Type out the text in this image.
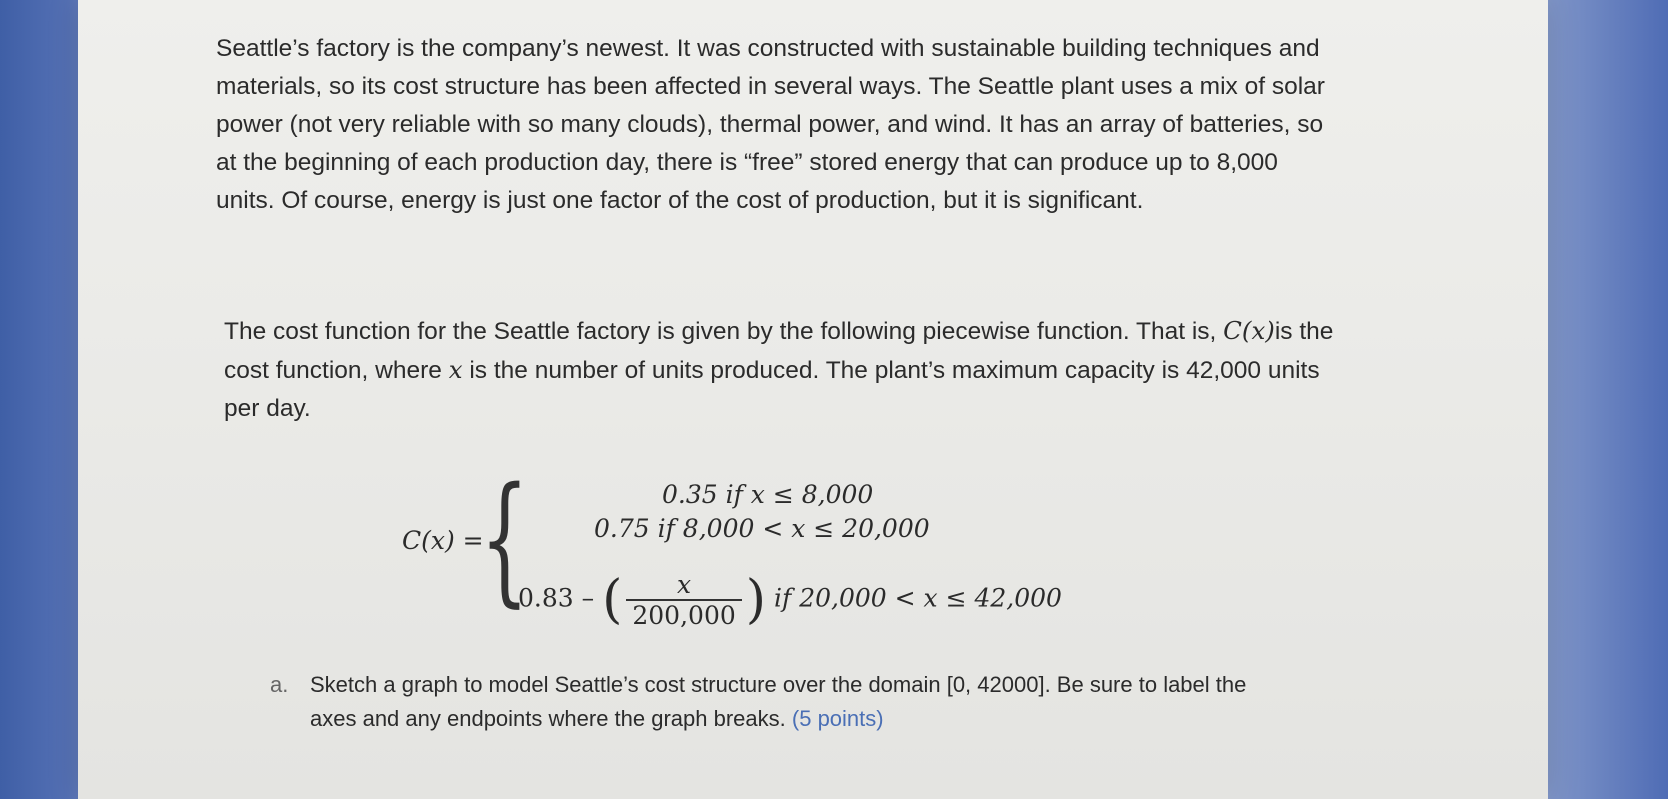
Seattle’s factory is the company’s newest. It was constructed with sustainable building techniques and
materials, so its cost structure has been affected in several ways. The Seattle plant uses a mix of solar
power (not very reliable with so many clouds), thermal power, and wind. It has an array of batteries, so
at the beginning of each production day, there is “free” stored energy that can produce up to 8,000
units. Of course, energy is just one factor of the cost of production, but it is significant.
The cost function for the Seattle factory is given by the following piecewise function. That is, C(x)is the
cost function, where x is the number of units produced. The plant’s maximum capacity is 42,000 units
per day.
C(x) =
{	0.35 if x ≤ 8,000
0.75 if 8,000 < x ≤ 20,000
0.83 – ( $\frac{x}{200,000}$ ) if 20,000 < x ≤ 42,000
a. Sketch a graph to model Seattle’s cost structure over the domain [0, 42000]. Be sure to label the axes and any endpoints where the graph breaks. (5 points)
